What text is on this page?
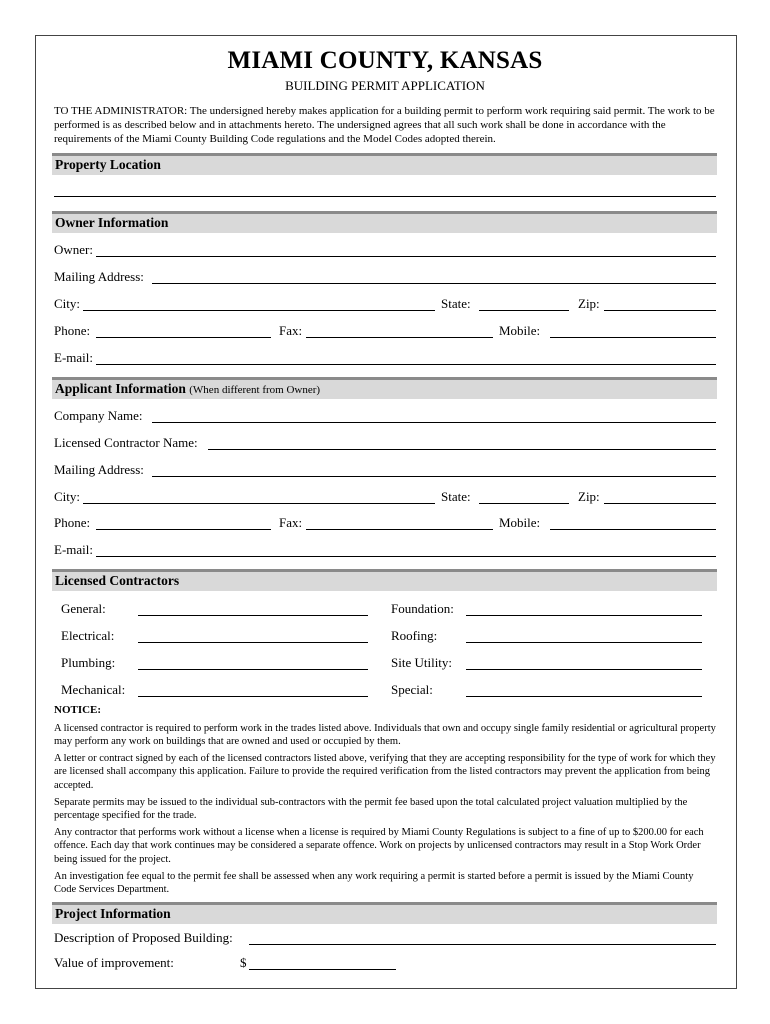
MIAMI COUNTY, KANSAS
BUILDING PERMIT APPLICATION
TO THE ADMINISTRATOR: The undersigned hereby makes application for a building permit to perform work requiring said permit. The work to be performed is as described below and in attachments hereto. The undersigned agrees that all such work shall be done in accordance with the requirements of the Miami County Building Code regulations and the Model Codes adopted therein.
Property Location
Owner Information
Owner:
Mailing Address:
City:	State:	Zip:
Phone:	Fax:	Mobile:
E-mail:
Applicant Information (When different from Owner)
Company Name:
Licensed Contractor Name:
Mailing Address:
City:	State:	Zip:
Phone:	Fax:	Mobile:
E-mail:
Licensed Contractors
General:	Foundation:
Electrical:	Roofing:
Plumbing:	Site Utility:
Mechanical:	Special:
NOTICE:
A licensed contractor is required to perform work in the trades listed above. Individuals that own and occupy single family residential or agricultural property may perform any work on buildings that are owned and used or occupied by them.
A letter or contract signed by each of the licensed contractors listed above, verifying that they are accepting responsibility for the type of work for which they are licensed shall accompany this application. Failure to provide the required verification from the listed contractors may prevent the application from being accepted.
Separate permits may be issued to the individual sub-contractors with the permit fee based upon the total calculated project valuation multiplied by the percentage specified for the trade.
Any contractor that performs work without a license when a license is required by Miami County Regulations is subject to a fine of up to $200.00 for each offence. Each day that work continues may be considered a separate offence. Work on projects by unlicensed contractors may result in a Stop Work Order being issued for the project.
An investigation fee equal to the permit fee shall be assessed when any work requiring a permit is started before a permit is issued by the Miami County Code Services Department.
Project Information
Description of Proposed Building:
Value of improvement:	$
